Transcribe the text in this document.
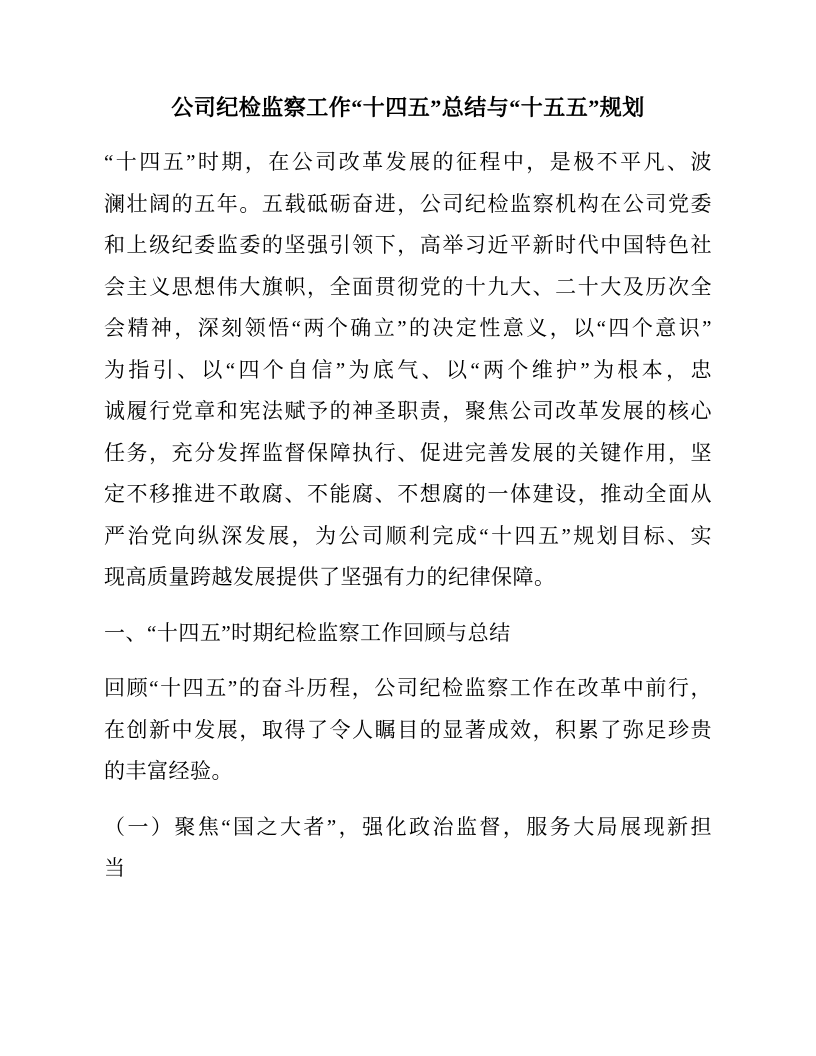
公司纪检监察工作“十四五”总结与“十五五”规划
“十四五”时期，在公司改革发展的征程中，是极不平凡、波
澜壮阔的五年。五载砥砺奋进，公司纪检监察机构在公司党委
和上级纪委监委的坚强引领下，高举习近平新时代中国特色社
会主义思想伟大旗帜，全面贯彻党的十九大、二十大及历次全
会精神，深刻领悟“两个确立”的决定性意义，以“四个意识”
为指引、以“四个自信”为底气、以“两个维护”为根本，忠
诚履行党章和宪法赋予的神圣职责，聚焦公司改革发展的核心
任务，充分发挥监督保障执行、促进完善发展的关键作用，坚
定不移推进不敢腐、不能腐、不想腐的一体建设，推动全面从
严治党向纵深发展，为公司顺利完成“十四五”规划目标、实
现高质量跨越发展提供了坚强有力的纪律保障。
一、“十四五”时期纪检监察工作回顾与总结
回顾“十四五”的奋斗历程，公司纪检监察工作在改革中前行，
在创新中发展，取得了令人瞩目的显著成效，积累了弥足珍贵
的丰富经验。
（一）聚焦“国之大者”，强化政治监督，服务大局展现新担
当
